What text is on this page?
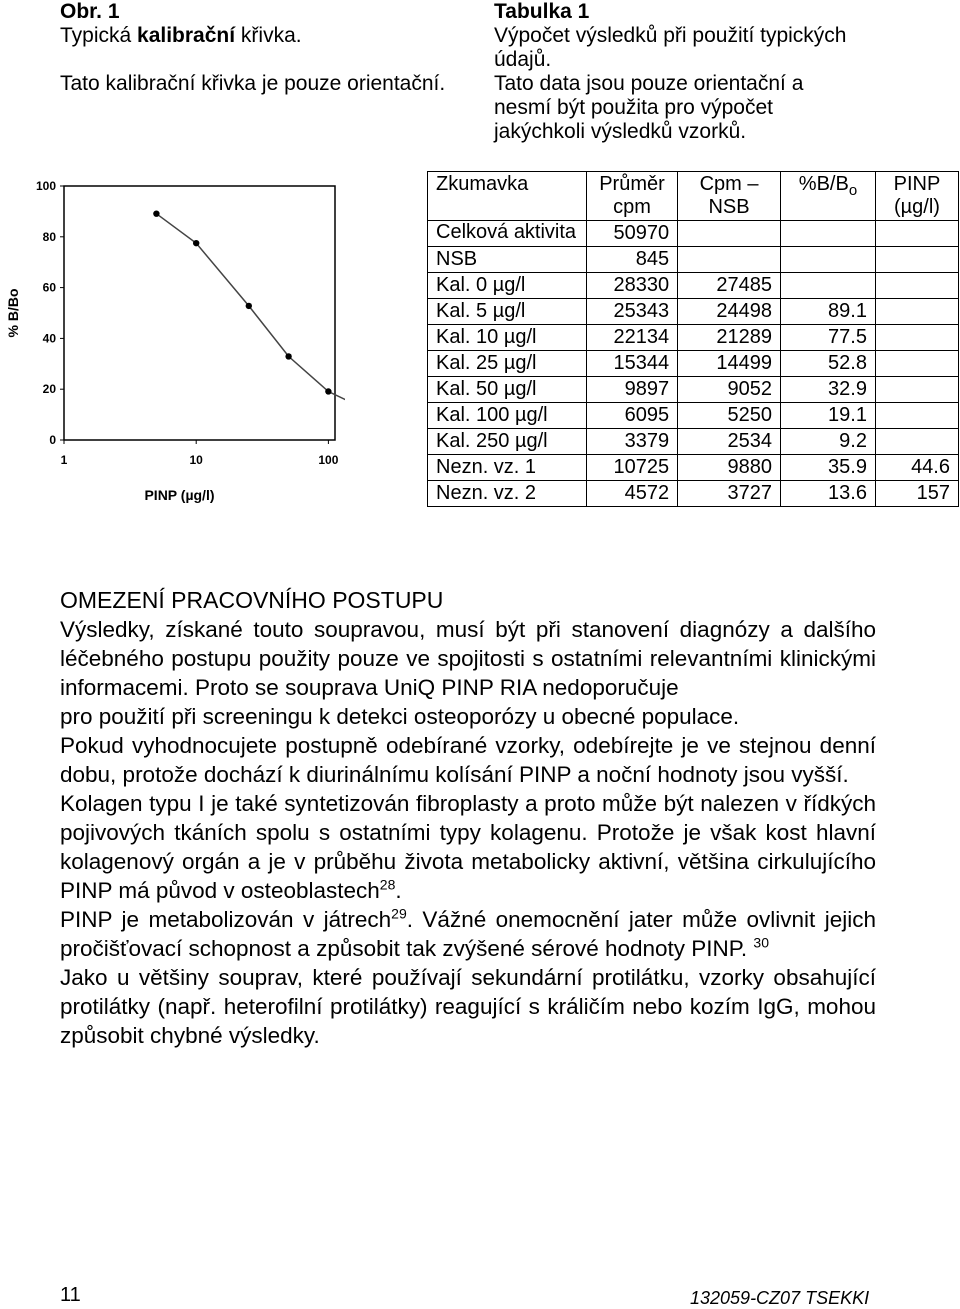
Obr. 1
Typická kalibrační křivka.
Tato kalibrační křivka je pouze orientační.
Tabulka 1
Výpočet výsledků při použití typických údajů.
Tato data jsou pouze orientační a nesmí být použita pro výpočet jakýchkoli výsledků vzorků.
100
80
60
40
20
0
1	10	100
PINP (µg/l)
% B/Bo
Zkumavka	Průměr cpm	Cpm – NSB	$\%B/B_o$	PINP (µg/l)
Celková aktivita	50970			
NSB	845			
Kal. 0 µg/l	28330	27485		
Kal. 5 µg/l	25343	24498	89.1	
Kal. 10 µg/l	22134	21289	77.5	
Kal. 25 µg/l	15344	14499	52.8	
Kal. 50 µg/l	9897	9052	32.9	
Kal. 100 µg/l	6095	5250	19.1	
Kal. 250 µg/l	3379	2534	9.2	
Nezn. vz. 1	10725	9880	35.9	44.6
Nezn. vz. 2	4572	3727	13.6	157
OMEZENÍ PRACOVNÍHO POSTUPU

Výsledky, získané touto soupravou, musí být při stanovení diagnózy a dalšího léčebného postupu použity pouze ve spojitosti s ostatními relevantními klinickými informacemi. Proto se souprava UniQ PINP RIA nedoporučuje

pro použití při screeningu k detekci osteoporózy u obecné populace.

Pokud vyhodnocujete postupně odebírané vzorky, odebírejte je ve stejnou denní dobu, protože dochází k diurinálnímu kolísání PINP a noční hodnoty jsou vyšší.

Kolagen typu I je také syntetizován fibroplasty a proto může být nalezen v řídkých pojivových tkáních spolu s ostatními typy kolagenu. Protože je však kost hlavní kolagenový orgán a je v průběhu života metabolicky aktivní, většina cirkulujícího PINP má původ v osteoblastech$^{28}$.

PINP je metabolizován v játrech$^{29}$. Vážné onemocnění jater může ovlivnit jejich pročišťovací schopnost a způsobit tak zvýšené sérové hodnoty PINP. $^{30}$

Jako u většiny souprav, které používají sekundární protilátku, vzorky obsahující protilátky (např. heterofilní protilátky) reagující s králičím nebo kozím IgG, mohou způsobit chybné výsledky.

11	132059-CZ07 TSEKKI
